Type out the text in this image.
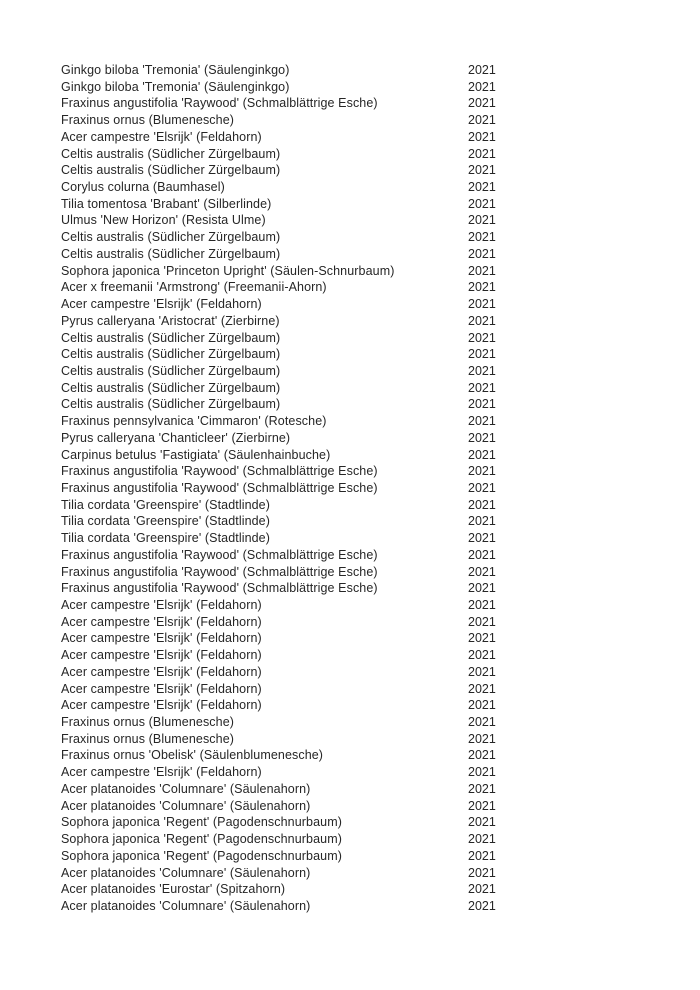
Ginkgo biloba 'Tremonia' (Säulenginkgo)	2021
Ginkgo biloba 'Tremonia' (Säulenginkgo)	2021
Fraxinus angustifolia 'Raywood' (Schmalblättrige Esche)	2021
Fraxinus ornus (Blumenesche)	2021
Acer campestre 'Elsrijk' (Feldahorn)	2021
Celtis australis (Südlicher Zürgelbaum)	2021
Celtis australis (Südlicher Zürgelbaum)	2021
Corylus colurna (Baumhasel)	2021
Tilia tomentosa 'Brabant' (Silberlinde)	2021
Ulmus 'New Horizon' (Resista Ulme)	2021
Celtis australis (Südlicher Zürgelbaum)	2021
Celtis australis (Südlicher Zürgelbaum)	2021
Sophora japonica 'Princeton Upright' (Säulen-Schnurbaum)	2021
Acer x freemanii 'Armstrong' (Freemanii-Ahorn)	2021
Acer campestre 'Elsrijk' (Feldahorn)	2021
Pyrus calleryana 'Aristocrat' (Zierbirne)	2021
Celtis australis (Südlicher Zürgelbaum)	2021
Celtis australis (Südlicher Zürgelbaum)	2021
Celtis australis (Südlicher Zürgelbaum)	2021
Celtis australis (Südlicher Zürgelbaum)	2021
Celtis australis (Südlicher Zürgelbaum)	2021
Fraxinus pennsylvanica 'Cimmaron' (Rotesche)	2021
Pyrus calleryana 'Chanticleer' (Zierbirne)	2021
Carpinus betulus 'Fastigiata' (Säulenhainbuche)	2021
Fraxinus angustifolia 'Raywood' (Schmalblättrige Esche)	2021
Fraxinus angustifolia 'Raywood' (Schmalblättrige Esche)	2021
Tilia cordata 'Greenspire' (Stadtlinde)	2021
Tilia cordata 'Greenspire' (Stadtlinde)	2021
Tilia cordata 'Greenspire' (Stadtlinde)	2021
Fraxinus angustifolia 'Raywood' (Schmalblättrige Esche)	2021
Fraxinus angustifolia 'Raywood' (Schmalblättrige Esche)	2021
Fraxinus angustifolia 'Raywood' (Schmalblättrige Esche)	2021
Acer campestre 'Elsrijk' (Feldahorn)	2021
Acer campestre 'Elsrijk' (Feldahorn)	2021
Acer campestre 'Elsrijk' (Feldahorn)	2021
Acer campestre 'Elsrijk' (Feldahorn)	2021
Acer campestre 'Elsrijk' (Feldahorn)	2021
Acer campestre 'Elsrijk' (Feldahorn)	2021
Acer campestre 'Elsrijk' (Feldahorn)	2021
Fraxinus ornus (Blumenesche)	2021
Fraxinus ornus (Blumenesche)	2021
Fraxinus ornus 'Obelisk' (Säulenblumenesche)	2021
Acer campestre 'Elsrijk' (Feldahorn)	2021
Acer platanoides 'Columnare' (Säulenahorn)	2021
Acer platanoides 'Columnare' (Säulenahorn)	2021
Sophora japonica 'Regent' (Pagodenschnurbaum)	2021
Sophora japonica 'Regent' (Pagodenschnurbaum)	2021
Sophora japonica 'Regent' (Pagodenschnurbaum)	2021
Acer platanoides 'Columnare' (Säulenahorn)	2021
Acer platanoides 'Eurostar' (Spitzahorn)	2021
Acer platanoides 'Columnare' (Säulenahorn)	2021
